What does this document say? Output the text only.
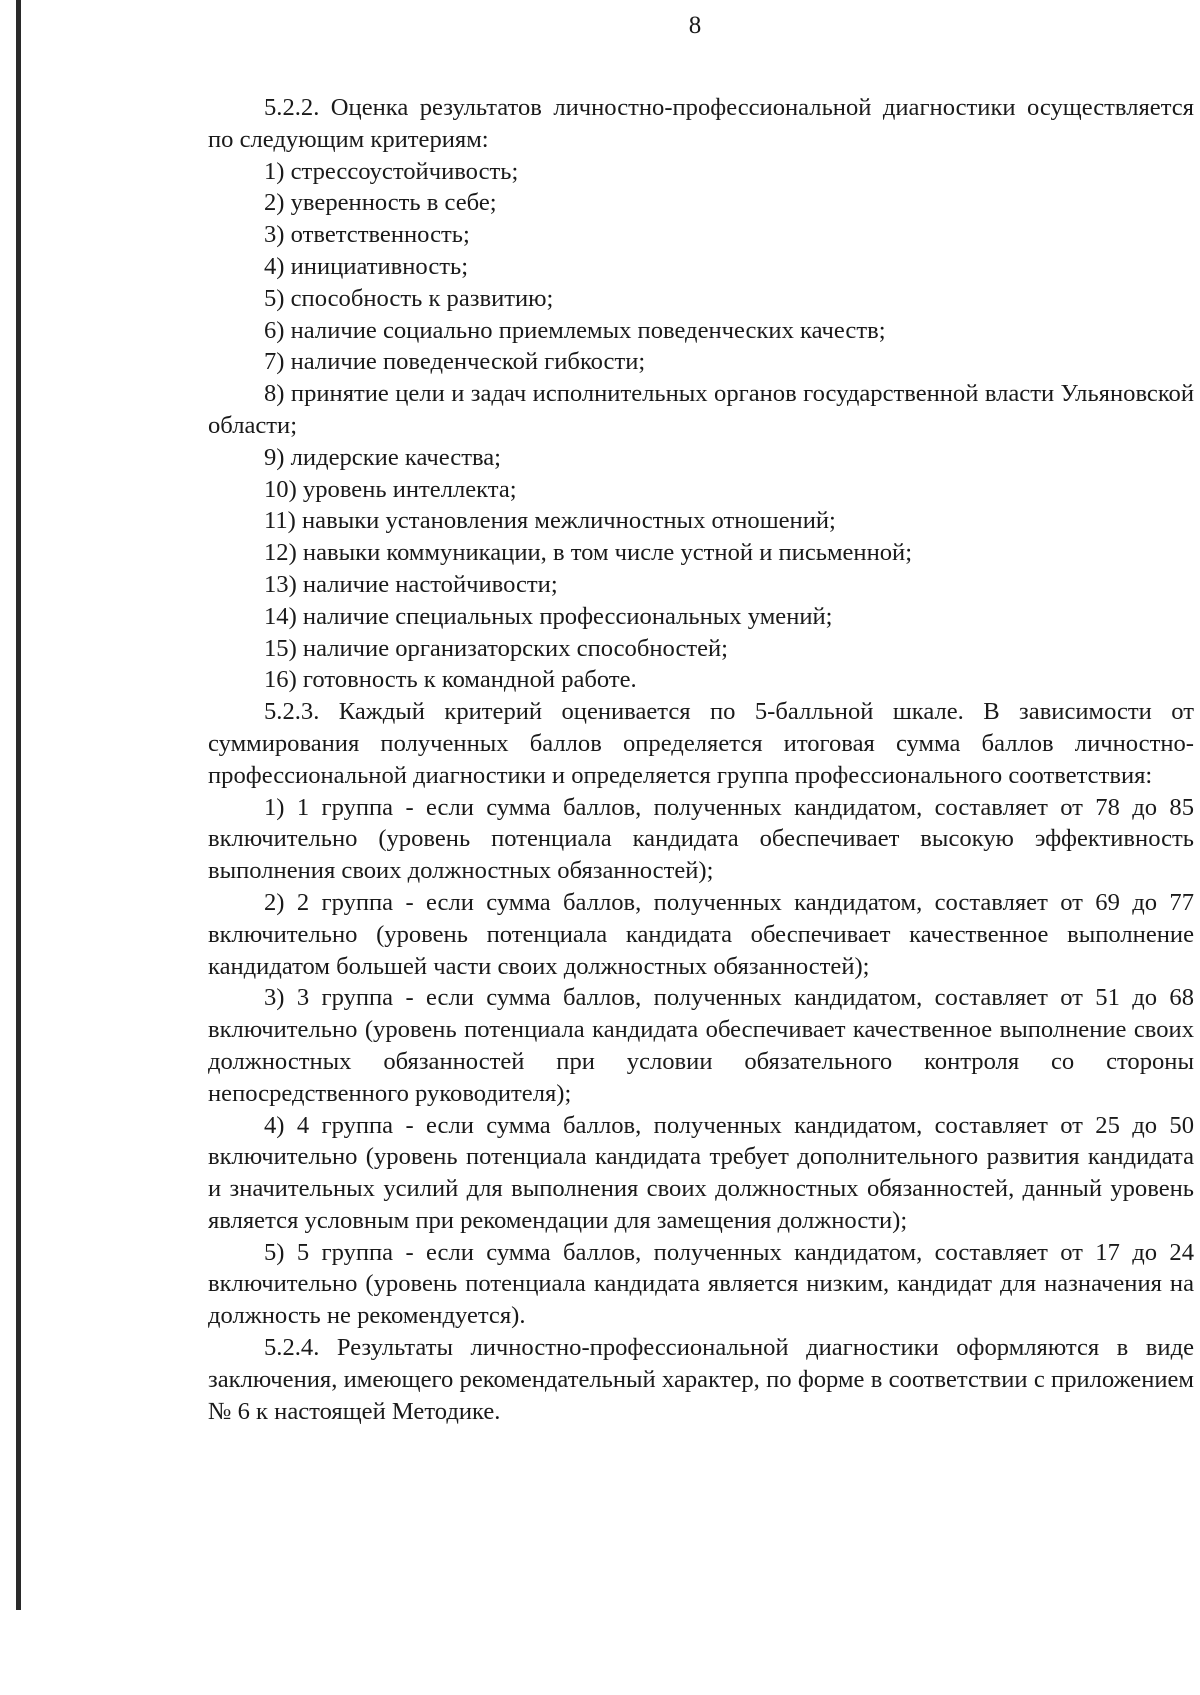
8

5.2.2. Оценка результатов личностно-профессиональной диагностики осуществляется по следующим критериям:

1) стрессоустойчивость;

2) уверенность в себе;

3) ответственность;

4) инициативность;

5) способность к развитию;

6) наличие социально приемлемых поведенческих качеств;

7) наличие поведенческой гибкости;

8) принятие цели и задач исполнительных органов государственной власти Ульяновской области;

9) лидерские качества;

10) уровень интеллекта;

11) навыки установления межличностных отношений;

12) навыки коммуникации, в том числе устной и письменной;

13) наличие настойчивости;

14) наличие специальных профессиональных умений;

15) наличие организаторских способностей;

16) готовность к командной работе.

5.2.3. Каждый критерий оценивается по 5-балльной шкале. В зависимости от суммирования полученных баллов определяется итоговая сумма баллов личностно-профессиональной диагностики и определяется группа профессионального соответствия:

1) 1 группа - если сумма баллов, полученных кандидатом, составляет от 78 до 85 включительно (уровень потенциала кандидата обеспечивает высокую эффективность выполнения своих должностных обязанностей);

2) 2 группа - если сумма баллов, полученных кандидатом, составляет от 69 до 77 включительно (уровень потенциала кандидата обеспечивает качественное выполнение кандидатом большей части своих должностных обязанностей);

3) 3 группа - если сумма баллов, полученных кандидатом, составляет от 51 до 68 включительно (уровень потенциала кандидата обеспечивает качественное выполнение своих должностных обязанностей при условии обязательного контроля со стороны непосредственного руководителя);

4) 4 группа - если сумма баллов, полученных кандидатом, составляет от 25 до 50 включительно (уровень потенциала кандидата требует дополнительного развития кандидата и значительных усилий для выполнения своих должностных обязанностей, данный уровень является условным при рекомендации для замещения должности);

5) 5 группа - если сумма баллов, полученных кандидатом, составляет от 17 до 24 включительно (уровень потенциала кандидата является низким, кандидат для назначения на должность не рекомендуется).

5.2.4. Результаты личностно-профессиональной диагностики оформляются в виде заключения, имеющего рекомендательный характер, по форме в соответствии с приложением № 6 к настоящей Методике.
